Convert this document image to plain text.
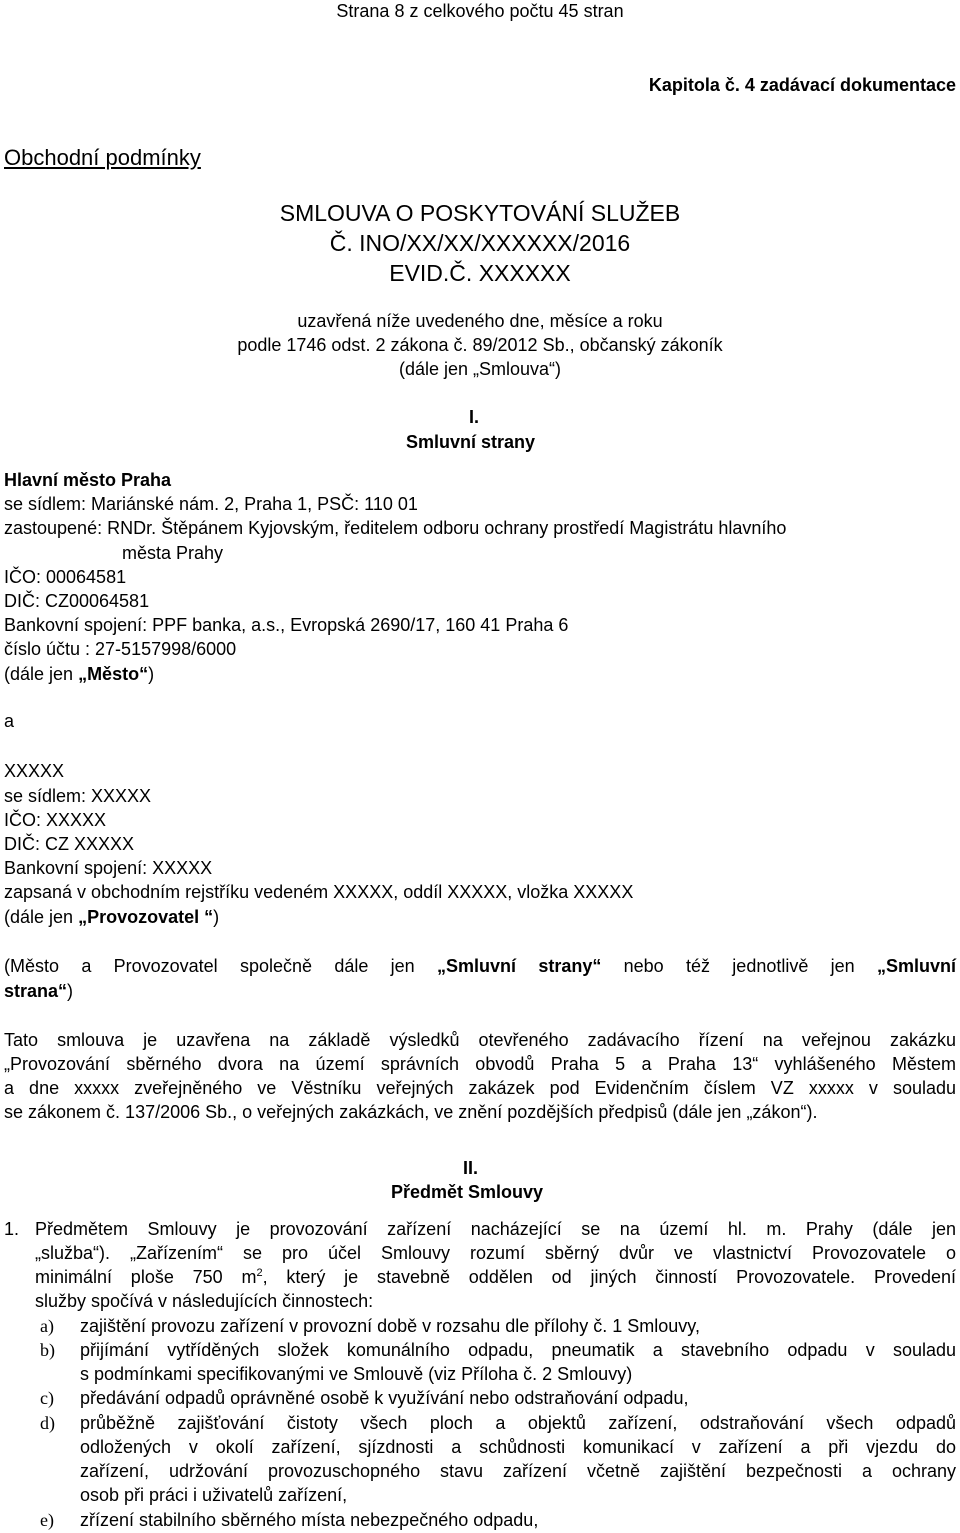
Strana 8 z celkového počtu 45 stran
Kapitola č. 4 zadávací dokumentace
Obchodní podmínky
SMLOUVA O POSKYTOVÁNÍ SLUŽEB
Č. INO/XX/XX/XXXXXX/2016
EVID.Č. XXXXXX
uzavřená níže uvedeného dne, měsíce a roku
podle 1746 odst. 2 zákona č. 89/2012 Sb., občanský zákoník
(dále jen „Smlouva“)
I.
Smluvní strany
Hlavní město Praha
se sídlem: Mariánské nám. 2, Praha 1, PSČ: 110 01
zastoupené: RNDr. Štěpánem Kyjovským, ředitelem odboru ochrany prostředí Magistrátu hlavního
města Prahy
IČO: 00064581
DIČ: CZ00064581
Bankovní spojení: PPF banka, a.s., Evropská 2690/17, 160 41 Praha 6
číslo účtu : 27-5157998/6000
(dále jen „Město“)
a
XXXXX
se sídlem: XXXXX
IČO: XXXXX
DIČ: CZ XXXXX
Bankovní spojení: XXXXX
zapsaná v obchodním rejstříku vedeném XXXXX, oddíl XXXXX, vložka XXXXX
(dále jen „Provozovatel “)
(Město a Provozovatel společně dále jen „Smluvní strany“ nebo též jednotlivě jen „Smluvní
strana“)
Tato smlouva je uzavřena na základě výsledků otevřeného zadávacího řízení na veřejnou zakázku
„Provozování sběrného dvora na území správních obvodů Praha 5 a Praha 13“ vyhlášeného Městem
a dne xxxxx zveřejněného ve Věstníku veřejných zakázek pod Evidenčním číslem VZ xxxxx v souladu
se zákonem č. 137/2006 Sb., o veřejných zakázkách, ve znění pozdějších předpisů (dále jen „zákon“).
II.
Předmět Smlouvy
1. Předmětem Smlouvy je provozování zařízení nacházející se na území hl. m. Prahy (dále jen
„služba“). „Zařízením“ se pro účel Smlouvy rozumí sběrný dvůr ve vlastnictví Provozovatele o
minimální ploše 750 $m^2$, který je stavebně oddělen od jiných činností Provozovatele. Provedení
služby spočívá v následujících činnostech:
a) zajištění provozu zařízení v provozní době v rozsahu dle přílohy č. 1 Smlouvy,
b) přijímání vytříděných složek komunálního odpadu, pneumatik a stavebního odpadu v souladu
s podmínkami specifikovanými ve Smlouvě (viz Příloha č. 2 Smlouvy)
c) předávání odpadů oprávněné osobě k využívání nebo odstraňování odpadu,
d) průběžně zajišťování čistoty všech ploch a objektů zařízení, odstraňování všech odpadů
odložených v okolí zařízení, sjízdnosti a schůdnosti komunikací v zařízení a při vjezdu do
zařízení, udržování provozuschopného stavu zařízení včetně zajištění bezpečnosti a ochrany
osob při práci i uživatelů zařízení,
e) zřízení stabilního sběrného místa nebezpečného odpadu,
